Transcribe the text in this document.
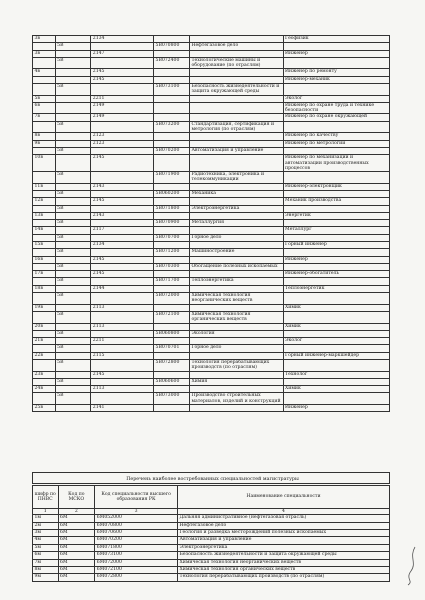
3в		2134			Геофизик
	5В		5В070800	Нефтегазовое дело	
3в		2147			Инженер
	5В		5В072400	Технологические машины и оборудование (по отраслям)	
4в		2145			Инженер по ремонту
		2145			Инженер-механик
	5В		5В073100	Безопасность жизнедеятельности и защита окружающей среды	
5в		2211			Эколог
6в		2149			Инженер по охране труда и технике безопасности
7в		2149			Инженер по охране окружающей
	5В		5В073200	Стандартизация, сертификация и метрология (по отраслям)	
8в		2123			Инженер по качеству
9в		2123			Инженер по метрологии
	5В		5В070200	Автоматизация и управление	
10в		2145			Инженер по механизации и автоматизации производственных процессов
	5В		5В071900	Радиотехника, электроника и телекоммуникации	
11в		2143			Инженер-электронщик
	5В		5В060200	Механика	
12в		2145			Механик производства
	5В		5В071800	Электроэнергетика	
13в		2143			Энергетик
	5В		5В070900	Металлургия	
14в		2117			Металлург
	5В		5В070700	Горное дело	
15в		2134			Горный инженер
	5В		5В071200	Машиностроение	
16в		2145			Инженер
	5В		5В070300	Обогащение полезных ископаемых	
17в		2145			Инженер-обогатитель
	5В		5В071700	Теплоэнергетика	
18в		2144			Теплоэнергетик
	5В		5В072000	Химическая технология неорганических веществ	
19в		2113			Химик
	5В		5В072100	Химическая технология органических веществ	
20в		2113			Химик
	5В		5В060800	Экология	
21в		2211			Эколог
	5В		5В070701	Горное дело	
22в		2115			Горный инженер-маркшейдер
	5В		5В072800	Технология перерабатывающих производств (по отраслям)	
23в		2145			Технолог
	5В		5В060600	Химия	
24в		2113			Химик
	5В		5В073000	Производство строительных материалов, изделий и конструкций	
25в		2141			Инженер
Перечень наиболее востребованных специальностей магистратуры
шифр по ПНВС	Код по МСКО	Код специальности высшего образования РК	Наименование специальности
1	2	3	4
1м	6М	6М052000	Дальняя административное (нефтегазовая отрасль)
2м	6М	6М070800	Нефтегазовое дело
3м	6М	6М070600	Геология и разведка месторождений полезных ископаемых
4м	6М	6М070200	Автоматизация и управление
5м	6М	6М071800	Электроэнергетика
6м	6М	6М073100	Безопасность жизнедеятельности и защита окружающей среды
7м	6М	6М072000	Химическая технология неорганических веществ
8м	6М	6М072100	Химическая технология органических веществ
9м	6М	6М072800	Технология перерабатывающих производств (по отраслям)
